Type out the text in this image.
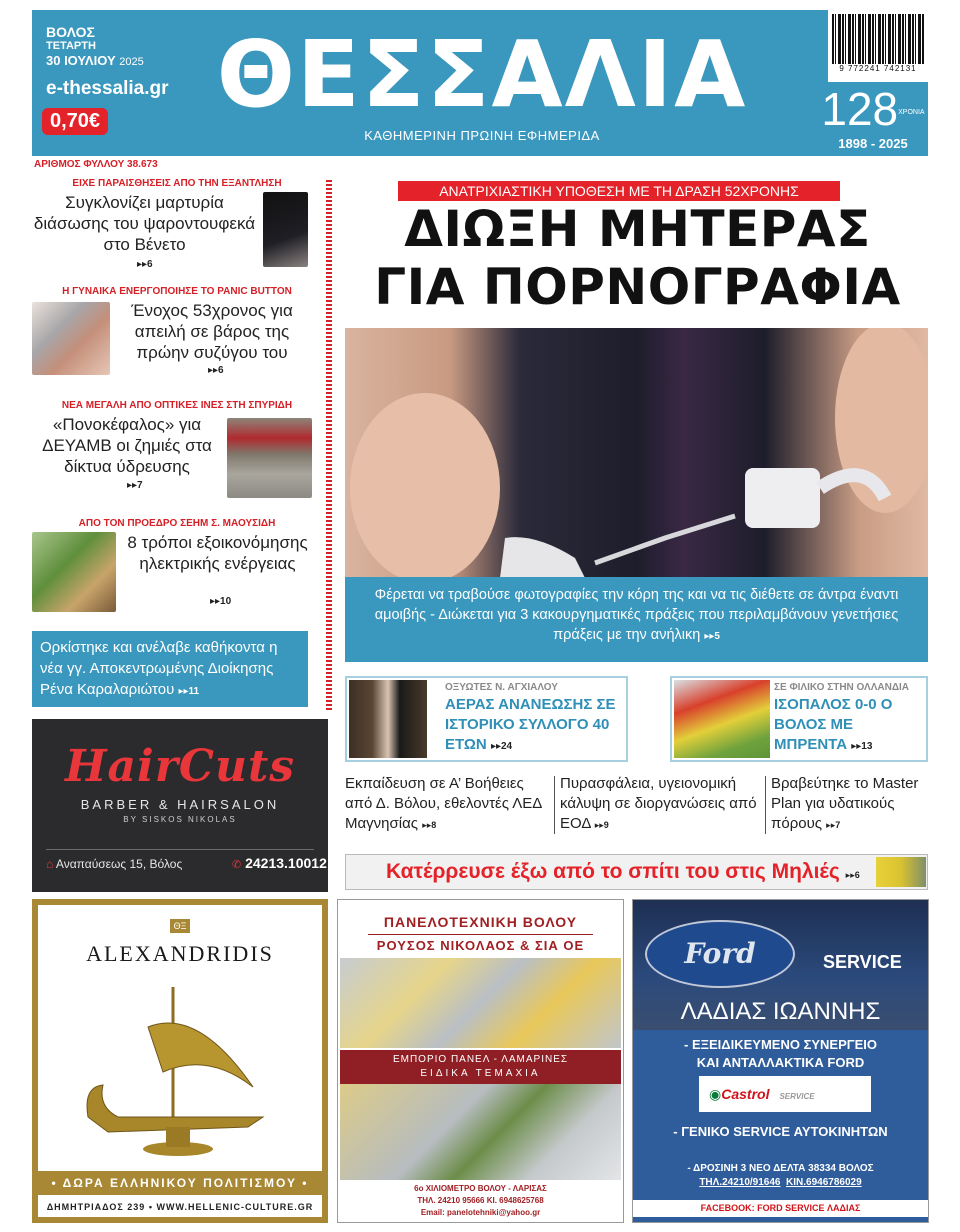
ΒΟΛΟΣ
ΤΕΤΑΡΤΗ
30 ΙΟΥΛΙΟΥ 2025
e-thessalia.gr
0,70€ ΘΕΣΣΑΛΙΑ
ΚΑΘΗΜΕΡΙΝΗ ΠΡΩΙΝΗ ΕΦΗΜΕΡΙΔΑ
9 772241 742131
128ΧΡΟΝΙΑ
1898 - 2025
ΑΡΙΘΜΟΣ ΦΥΛΛΟΥ 38.673
ΕΙΧΕ ΠΑΡΑΙΣΘΗΣΕΙΣ ΑΠΟ ΤΗΝ ΕΞΑΝΤΛΗΣΗ
Συγκλονίζει μαρτυρία διάσωσης του ψαροντουφεκά στο Βένετο
▸▸6
Η ΓΥΝΑΙΚΑ ΕΝΕΡΓΟΠΟΙΗΣΕ ΤΟ PANIC BUTTON
Ένοχος 53χρονος για απειλή σε βάρος της πρώην συζύγου του
▸▸6
ΝΕΑ ΜΕΓΑΛΗ ΑΠΟ ΟΠΤΙΚΕΣ ΙΝΕΣ ΣΤΗ ΣΠΥΡΙΔΗ
«Πονοκέφαλος» για ΔΕΥΑΜΒ οι ζημιές στα δίκτυα ύδρευσης
▸▸7
ΑΠΟ ΤΟΝ ΠΡΟΕΔΡΟ ΣΕΗΜ Σ. ΜΑΟΥΣΙΔΗ
8 τρόποι εξοικονόμησης ηλεκτρικής ενέργειας
▸▸10
Ορκίστηκε και ανέλαβε καθήκοντα η νέα γγ. Αποκεντρωμένης Διοίκησης Ρένα Καραλαριώτου ▸▸11
HairCuts
BARBER & HAIRSALON
BY SISKOS NIKOLAS
⌂ Αναπαύσεως 15, Βόλος	✆ 24213.10012
ΑΝΑΤΡΙΧΙΑΣΤΙΚΗ ΥΠΟΘΕΣΗ ΜΕ ΤΗ ΔΡΑΣΗ 52ΧΡΟΝΗΣ
ΔΙΩΞΗ ΜΗΤΕΡΑΣ
ΓΙΑ ΠΟΡΝΟΓΡΑΦΙΑ
Φέρεται να τραβούσε φωτογραφίες την κόρη της και να τις διέθετε σε άντρα έναντι αμοιβής - Διώκεται για 3 κακουργηματικές πράξεις που περιλαμβάνουν γενετήσιες πράξεις με την ανήλικη ▸▸5
ΟΞΥΩΤΕΣ Ν. ΑΓΧΙΑΛΟΥ
ΑΕΡΑΣ ΑΝΑΝΕΩΣΗΣ ΣΕ ΙΣΤΟΡΙΚΟ ΣΥΛΛΟΓΟ 40 ΕΤΩΝ ▸▸24
ΣΕ ΦΙΛΙΚΟ ΣΤΗΝ ΟΛΛΑΝΔΙΑ
ΙΣΟΠΑΛΟΣ 0-0 Ο ΒΟΛΟΣ ΜΕ ΜΠΡΕΝΤΑ ▸▸13
Εκπαίδευση σε Α’ Βοήθειες από Δ. Βόλου, εθελοντές ΛΕΔ Μαγνησίας ▸▸8
Πυρασφάλεια, υγειονομική κάλυψη σε διοργανώσεις από ΕΟΔ ▸▸9
Βραβεύτηκε το Master Plan για υδατικούς πόρους ▸▸7
Κατέρρευσε έξω από το σπίτι του στις Μηλιές ▸▸6
ΘΞ
ALEXANDRIDIS
• ΔΩΡΑ ΕΛΛΗΝΙΚΟΥ ΠΟΛΙΤΙΣΜΟΥ •
ΔΗΜΗΤΡΙΑΔΟΣ 239 • WWW.HELLENIC-CULTURE.GR
ΠΑΝΕΛΟΤΕΧΝΙΚΗ ΒΟΛΟΥ
ΡΟΥΣΟΣ ΝΙΚΟΛΑΟΣ & ΣΙΑ ΟΕ
ΕΜΠΟΡΙΟ ΠΑΝΕΛ - ΛΑΜΑΡΙΝΕΣ
ΕΙΔΙΚΑ ΤΕΜΑΧΙΑ
6ο ΧΙΛΙΟΜΕΤΡΟ ΒΟΛΟΥ - ΛΑΡΙΣΑΣ
ΤΗΛ. 24210 95666 ΚΙ. 6948625768
Email: panelotehniki@yahoo.gr
Ford	SERVICE
ΛΑΔΙΑΣ ΙΩΑΝΝΗΣ
- ΕΞΕΙΔΙΚΕΥΜΕΝΟ ΣΥΝΕΡΓΕΙΟ
ΚΑΙ ΑΝΤΑΛΛΑΚΤΙΚΑ FORD
◉Castrol SERVICE
- ΓΕΝΙΚΟ SERVICE ΑΥΤΟΚΙΝΗΤΩΝ
- ΔΡΟΣΙΝΗ 3 ΝΕΟ ΔΕΛΤΑ 38334 ΒΟΛΟΣ
ΤΗΛ.24210/91646 ΚΙΝ.6946786029
FACEBOOK: FORD SERVICE ΛΑΔΙΑΣ
